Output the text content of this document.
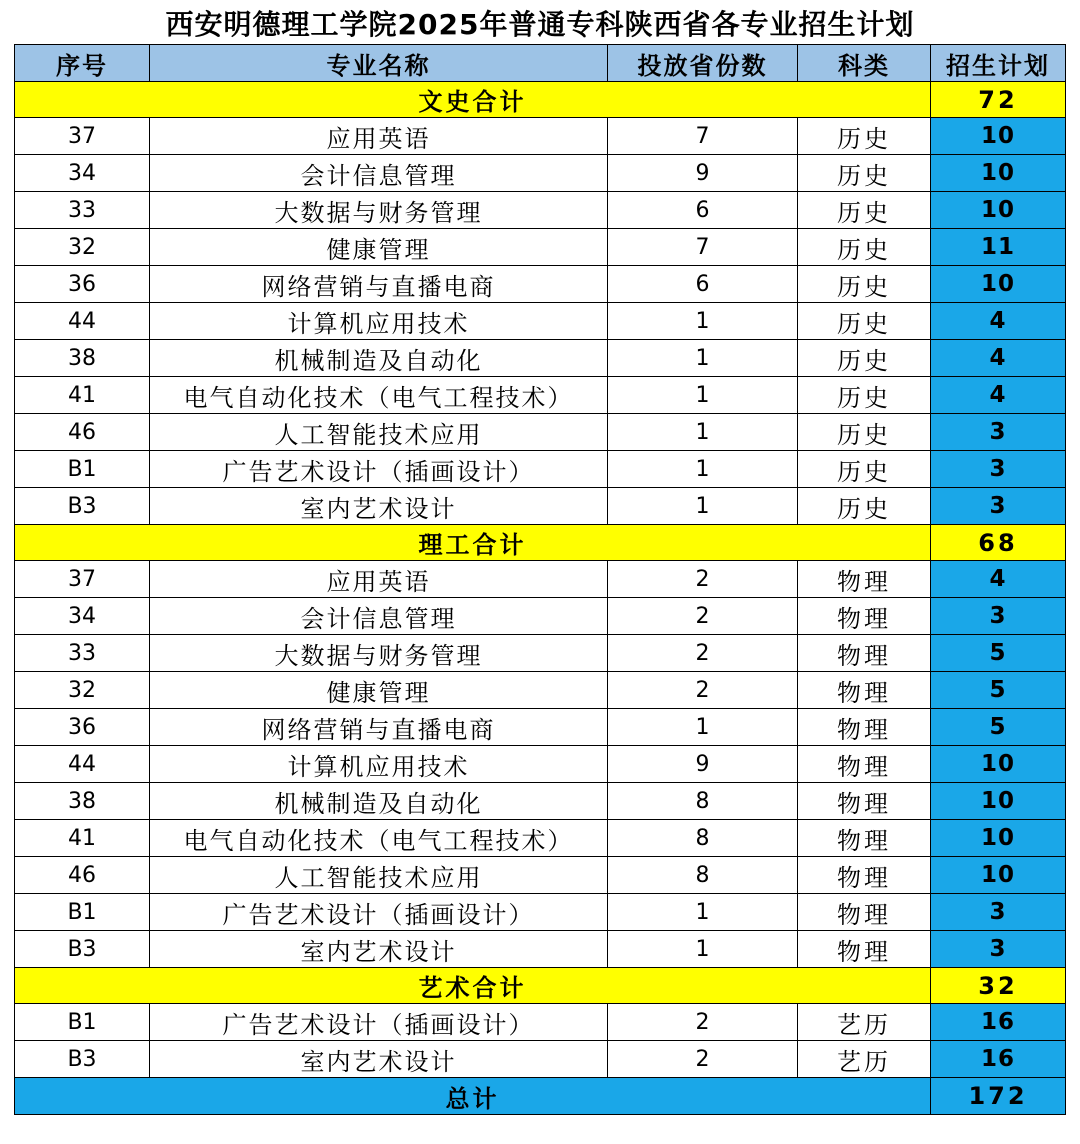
西安明德理工学院2025年普通专科陕西省各专业招生计划
序号	专业名称	投放省份数	科类	招生计划
文史合计				72
37	应用英语	7	历史	10
34	会计信息管理	9	历史	10
33	大数据与财务管理	6	历史	10
32	健康管理	7	历史	11
36	网络营销与直播电商	6	历史	10
44	计算机应用技术	1	历史	4
38	机械制造及自动化	1	历史	4
41	电气自动化技术（电气工程技术）	1	历史	4
46	人工智能技术应用	1	历史	3
B1	广告艺术设计（插画设计）	1	历史	3
B3	室内艺术设计	1	历史	3
理工合计				68
37	应用英语	2	物理	4
34	会计信息管理	2	物理	3
33	大数据与财务管理	2	物理	5
32	健康管理	2	物理	5
36	网络营销与直播电商	1	物理	5
44	计算机应用技术	9	物理	10
38	机械制造及自动化	8	物理	10
41	电气自动化技术（电气工程技术）	8	物理	10
46	人工智能技术应用	8	物理	10
B1	广告艺术设计（插画设计）	1	物理	3
B3	室内艺术设计	1	物理	3
艺术合计				32
B1	广告艺术设计（插画设计）	2	艺历	16
B3	室内艺术设计	2	艺历	16
总计				172
